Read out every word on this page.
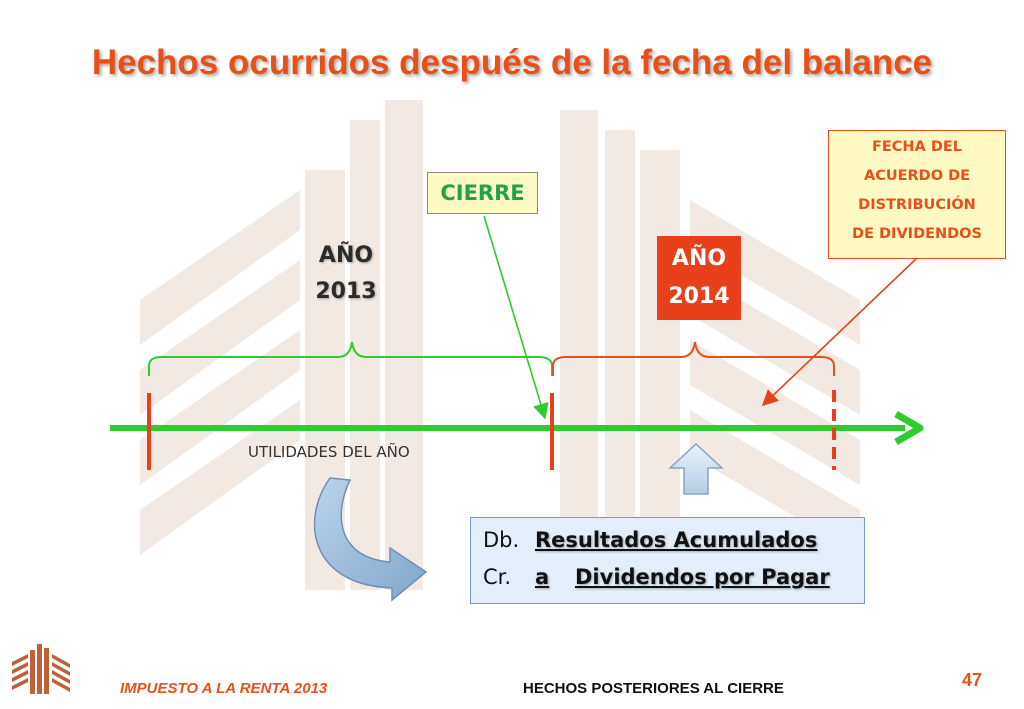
Hechos ocurridos después de la fecha del balance
CIERRE
FECHA DEL
ACUERDO DE
DISTRIBUCIÓN
DE DIVIDENDOS
AÑO
2013
AÑO
2014
UTILIDADES DEL AÑO
Db. Resultados Acumulados
Cr. a Dividendos por Pagar
IMPUESTO A LA RENTA 2013	HECHOS POSTERIORES AL CIERRE	47
